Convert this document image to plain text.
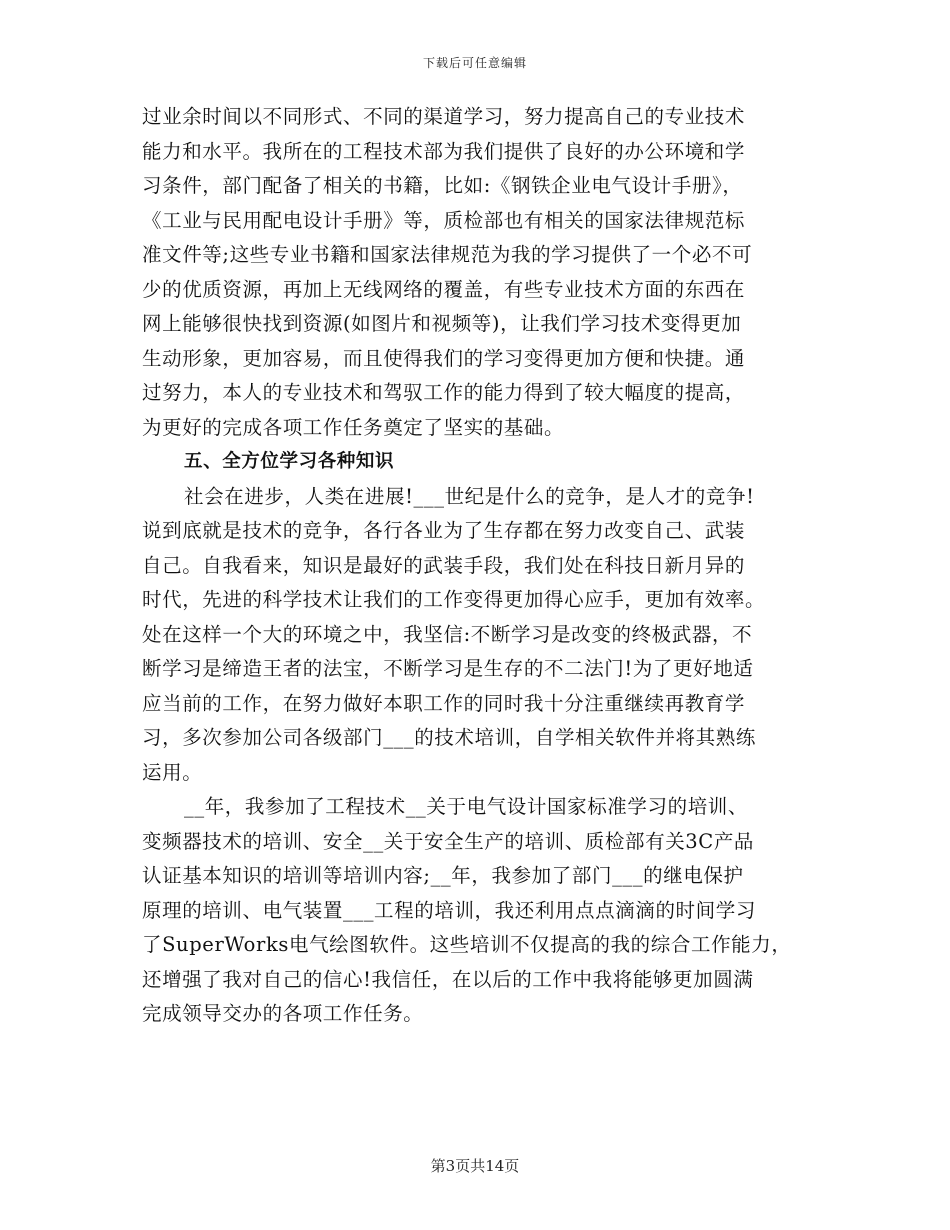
下载后可任意编辑
过业余时间以不同形式、不同的渠道学习，努力提高自己的专业技术
能力和水平。我所在的工程技术部为我们提供了良好的办公环境和学
习条件，部门配备了相关的书籍，比如:《钢铁企业电气设计手册》，
《工业与民用配电设计手册》等，质检部也有相关的国家法律规范标
准文件等;这些专业书籍和国家法律规范为我的学习提供了一个必不可
少的优质资源，再加上无线网络的覆盖，有些专业技术方面的东西在
网上能够很快找到资源(如图片和视频等)，让我们学习技术变得更加
生动形象，更加容易，而且使得我们的学习变得更加方便和快捷。通
过努力，本人的专业技术和驾驭工作的能力得到了较大幅度的提高，
为更好的完成各项工作任务奠定了坚实的基础。
五、全方位学习各种知识
社会在进步，人类在进展!___世纪是什么的竞争，是人才的竞争!
说到底就是技术的竞争，各行各业为了生存都在努力改变自己、武装
自己。自我看来，知识是最好的武装手段，我们处在科技日新月异的
时代，先进的科学技术让我们的工作变得更加得心应手，更加有效率。
处在这样一个大的环境之中，我坚信:不断学习是改变的终极武器，不
断学习是缔造王者的法宝，不断学习是生存的不二法门!为了更好地适
应当前的工作，在努力做好本职工作的同时我十分注重继续再教育学
习，多次参加公司各级部门___的技术培训，自学相关软件并将其熟练
运用。
__年，我参加了工程技术__关于电气设计国家标准学习的培训、
变频器技术的培训、安全__关于安全生产的培训、质检部有关3C产品
认证基本知识的培训等培训内容;__年，我参加了部门___的继电保护
原理的培训、电气装置___工程的培训，我还利用点点滴滴的时间学习
了SuperWorks电气绘图软件。这些培训不仅提高的我的综合工作能力，
还增强了我对自己的信心!我信任，在以后的工作中我将能够更加圆满
完成领导交办的各项工作任务。
第3页共14页
